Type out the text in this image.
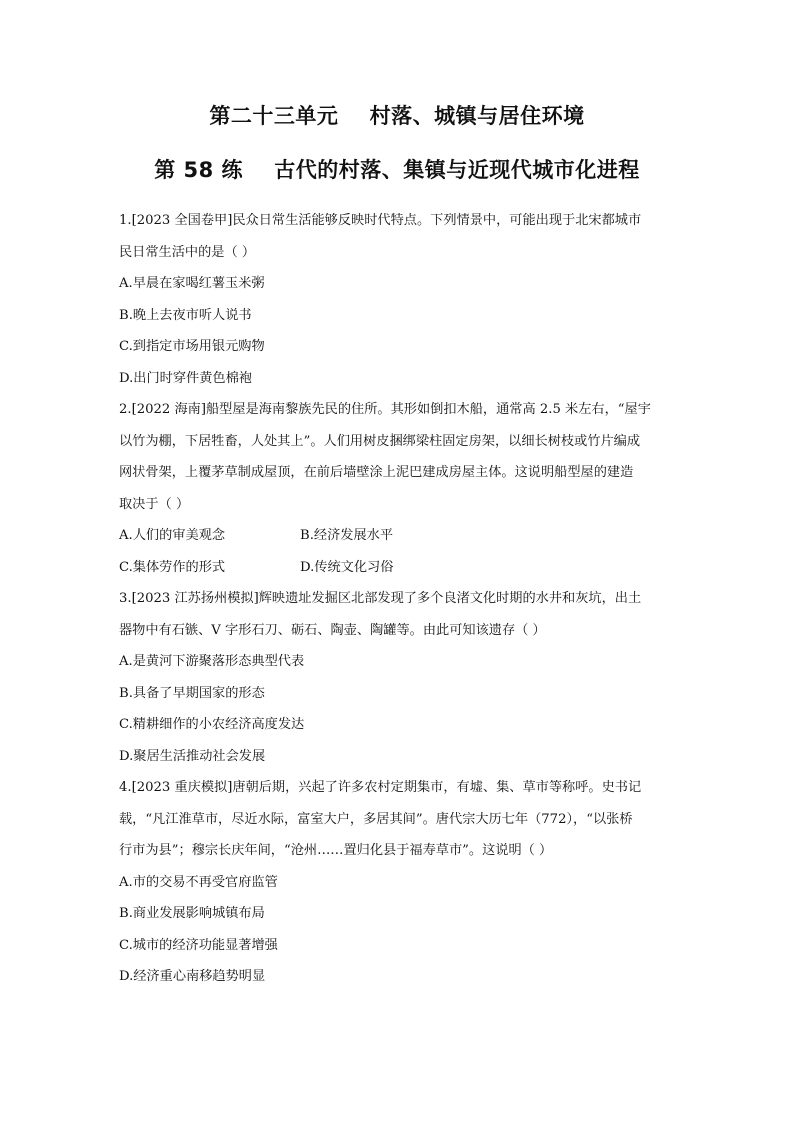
第二十三单元    村落、城镇与居住环境
第 58 练    古代的村落、集镇与近现代城市化进程
1.[2023 全国卷甲]民众日常生活能够反映时代特点。下列情景中，可能出现于北宋都城市
民日常生活中的是（ ）
A.早晨在家喝红薯玉米粥
B.晚上去夜市听人说书
C.到指定市场用银元购物
D.出门时穿件黄色棉袍
2.[2022 海南]船型屋是海南黎族先民的住所。其形如倒扣木船，通常高 2.5 米左右，“屋宇
以竹为棚，下居牲畜，人处其上”。人们用树皮捆绑梁柱固定房架，以细长树枝或竹片编成
网状骨架，上覆茅草制成屋顶，在前后墙壁涂上泥巴建成房屋主体。这说明船型屋的建造
取决于（ ）
A.人们的审美观念	B.经济发展水平
C.集体劳作的形式	D.传统文化习俗
3.[2023 江苏扬州模拟]辉映遗址发掘区北部发现了多个良渚文化时期的水井和灰坑，出土
器物中有石镞、V 字形石刀、砺石、陶壶、陶罐等。由此可知该遗存（ ）
A.是黄河下游聚落形态典型代表
B.具备了早期国家的形态
C.精耕细作的小农经济高度发达
D.聚居生活推动社会发展
4.[2023 重庆模拟]唐朝后期，兴起了许多农村定期集市，有墟、集、草市等称呼。史书记
载，“凡江淮草市，尽近水际，富室大户，多居其间”。唐代宗大历七年（772），“以张桥
行市为县”；穆宗长庆年间，“沧州……置归化县于福寿草市”。这说明（ ）
A.市的交易不再受官府监管
B.商业发展影响城镇布局
C.城市的经济功能显著增强
D.经济重心南移趋势明显
